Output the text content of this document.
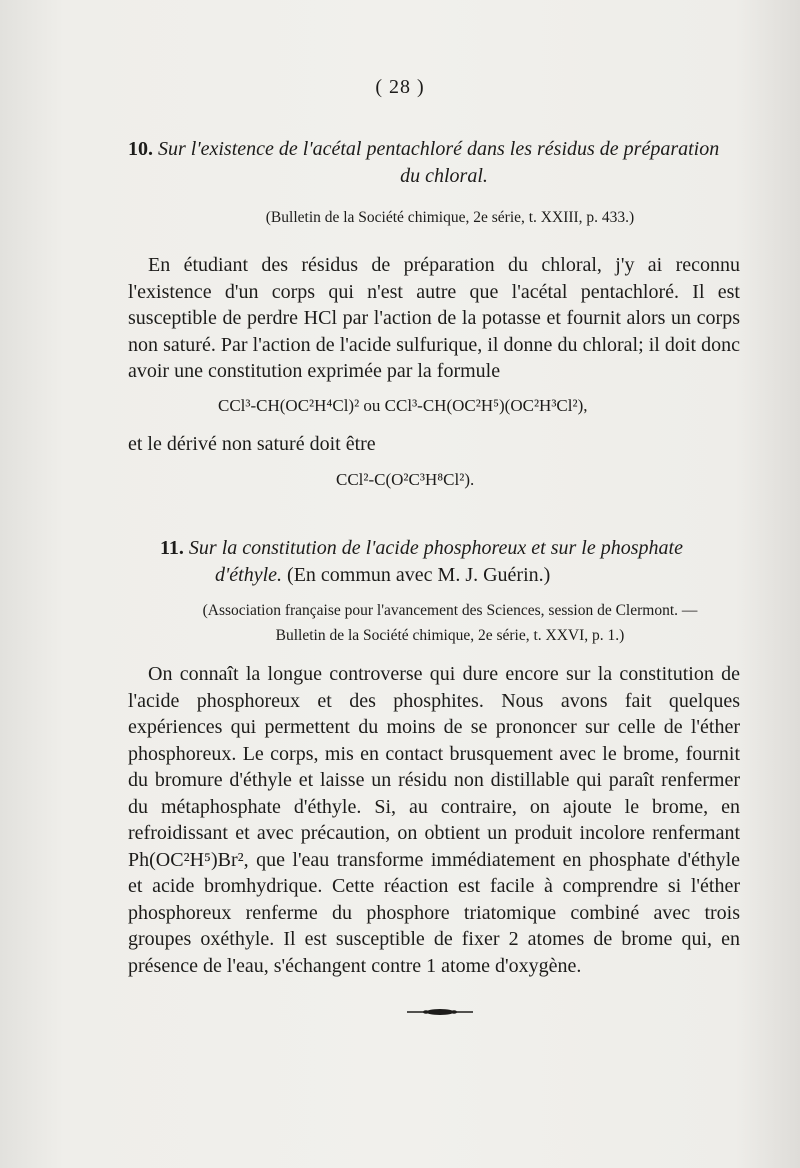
( 28 )
10. Sur l'existence de l'acétal pentachloré dans les résidus de préparation
du chloral.
(Bulletin de la Société chimique, 2e série, t. XXIII, p. 433.)

En étudiant des résidus de préparation du chloral, j'y ai reconnu l'existence d'un corps qui n'est autre que l'acétal pentachloré. Il est susceptible de perdre HCl par l'action de la potasse et fournit alors un corps non saturé. Par l'action de l'acide sulfurique, il donne du chloral; il doit donc avoir une constitution exprimée par la formule

CCl³-CH(OC²H⁴Cl)² ou CCl³-CH(OC²H⁵)(OC²H³Cl²),
et le dérivé non saturé doit être
CCl²-C(O²C³H⁸Cl²).
11. Sur la constitution de l'acide phosphoreux et sur le phosphate
d'éthyle. (En commun avec M. J. Guérin.)
(Association française pour l'avancement des Sciences, session de Clermont. —
Bulletin de la Société chimique, 2e série, t. XXVI, p. 1.)

On connaît la longue controverse qui dure encore sur la constitution de l'acide phosphoreux et des phosphites. Nous avons fait quelques expériences qui permettent du moins de se prononcer sur celle de l'éther phosphoreux. Le corps, mis en contact brusquement avec le brome, fournit du bromure d'éthyle et laisse un résidu non distillable qui paraît renfermer du métaphosphate d'éthyle. Si, au contraire, on ajoute le brome, en refroidissant et avec précaution, on obtient un produit incolore renfermant Ph(OC²H⁵)Br², que l'eau transforme immédiatement en phosphate d'éthyle et acide bromhydrique. Cette réaction est facile à comprendre si l'éther phosphoreux renferme du phosphore triatomique combiné avec trois groupes oxéthyle. Il est susceptible de fixer 2 atomes de brome qui, en présence de l'eau, s'échangent contre 1 atome d'oxygène.
